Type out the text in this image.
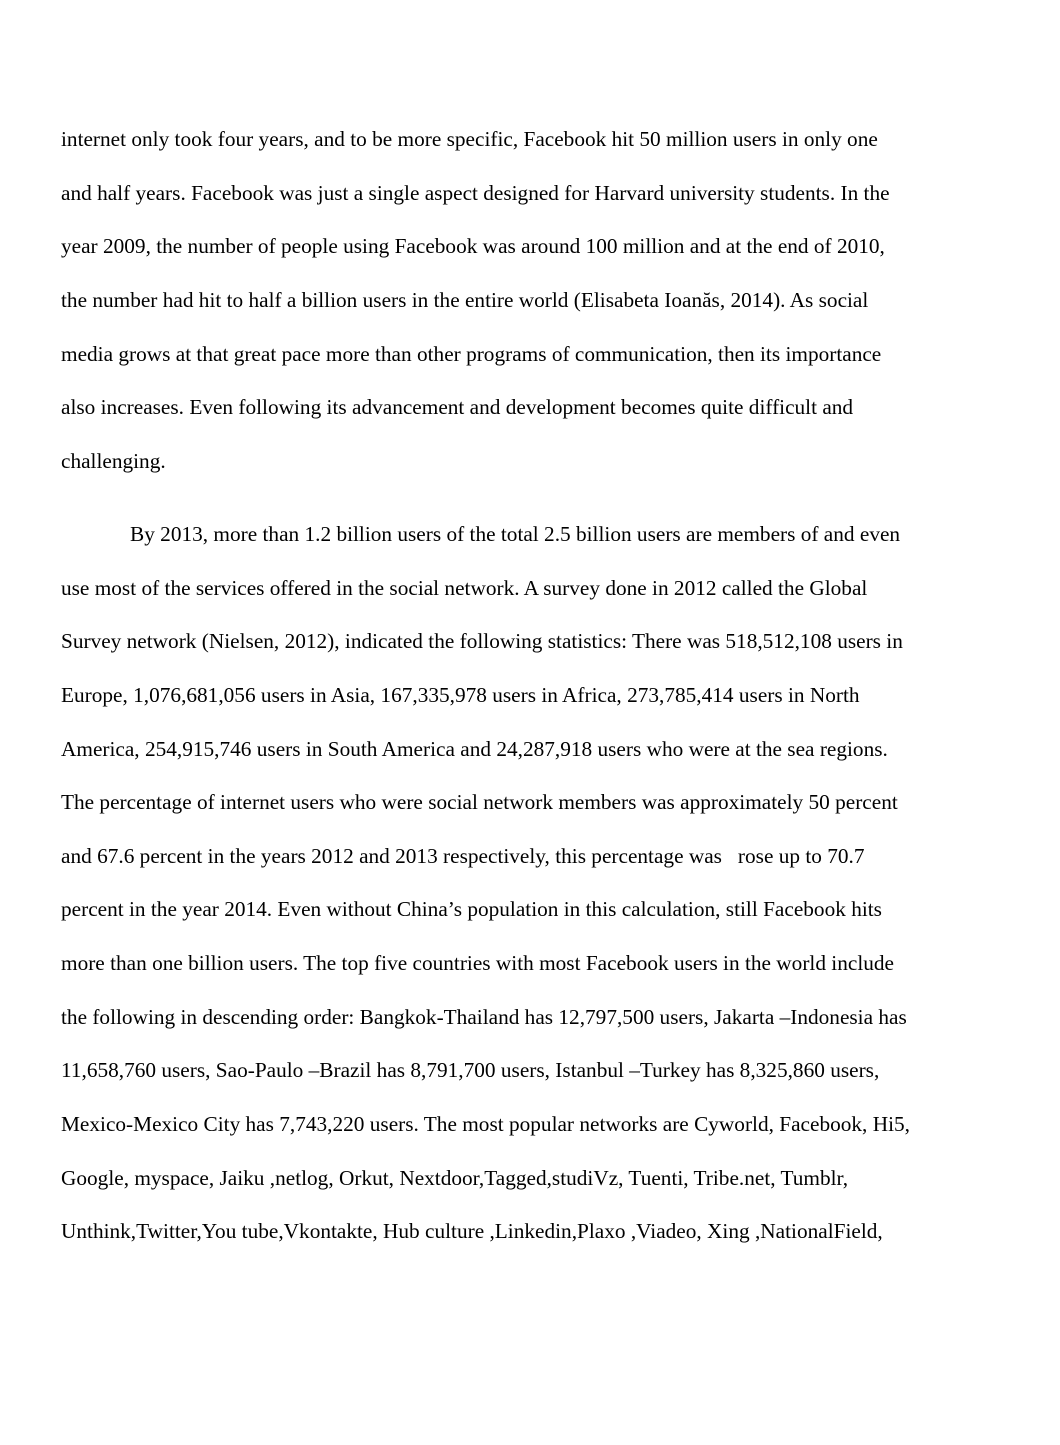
internet only took four years, and to be more specific, Facebook hit 50 million users in only one
and half years. Facebook was just a single aspect designed for Harvard university students. In the
year 2009, the number of people using Facebook was around 100 million and at the end of 2010,
the number had hit to half a billion users in the entire world (Elisabeta Ioanăs, 2014). As social
media grows at that great pace more than other programs of communication, then its importance
also increases. Even following its advancement and development becomes quite difficult and
challenging.
By 2013, more than 1.2 billion users of the total 2.5 billion users are members of and even
use most of the services offered in the social network. A survey done in 2012 called the Global
Survey network (Nielsen, 2012), indicated the following statistics: There was 518,512,108 users in
Europe, 1,076,681,056 users in Asia, 167,335,978 users in Africa, 273,785,414 users in North
America, 254,915,746 users in South America and 24,287,918 users who were at the sea regions.
The percentage of internet users who were social network members was approximately 50 percent
and 67.6 percent in the years 2012 and 2013 respectively, this percentage was   rose up to 70.7
percent in the year 2014. Even without China’s population in this calculation, still Facebook hits
more than one billion users. The top five countries with most Facebook users in the world include
the following in descending order: Bangkok-Thailand has 12,797,500 users, Jakarta –Indonesia has
11,658,760 users, Sao-Paulo –Brazil has 8,791,700 users, Istanbul –Turkey has 8,325,860 users,
Mexico-Mexico City has 7,743,220 users. The most popular networks are Cyworld, Facebook, Hi5,
Google, myspace, Jaiku ,netlog, Orkut, Nextdoor,Tagged,studiVz, Tuenti, Tribe.net, Tumblr,
Unthink,Twitter,You tube,Vkontakte, Hub culture ,Linkedin,Plaxo ,Viadeo, Xing ,NationalField,
